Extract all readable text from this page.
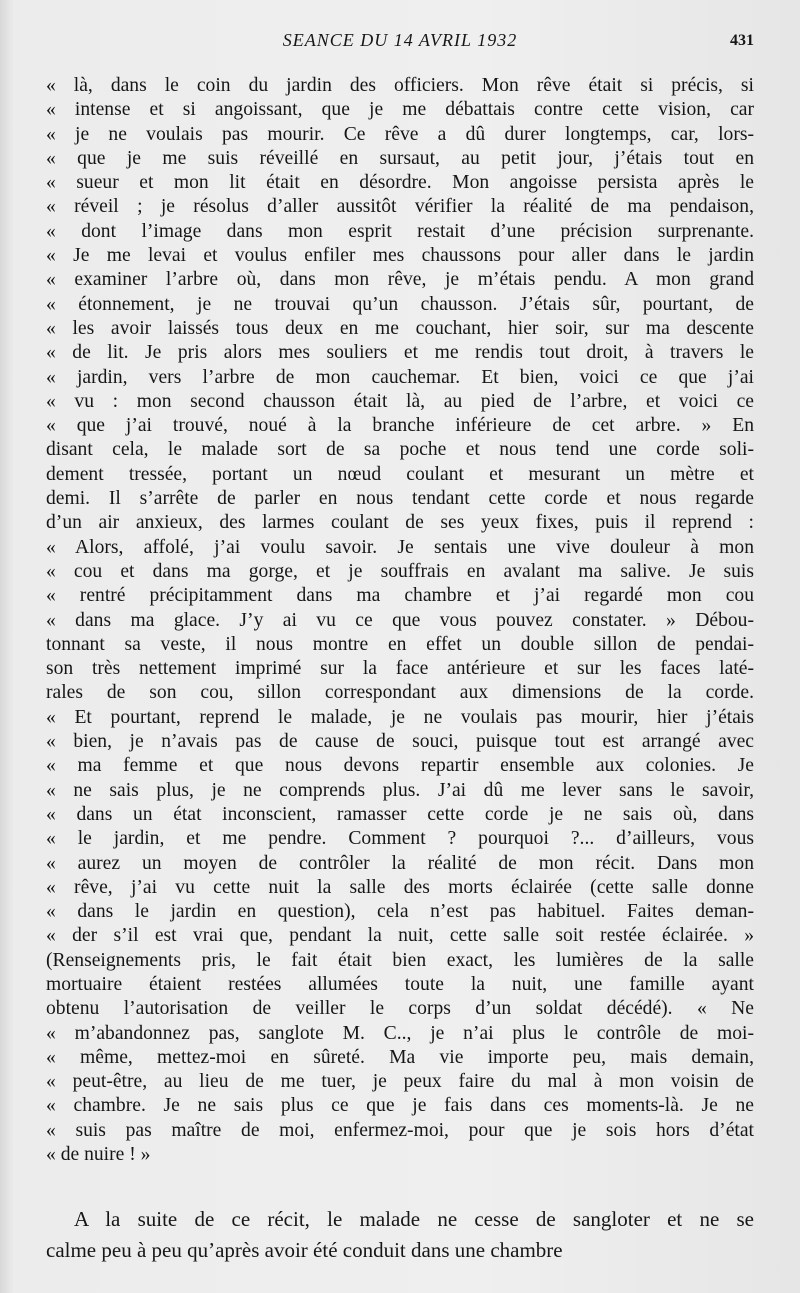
SEANCE DU 14 AVRIL 1932	431
« là, dans le coin du jardin des officiers. Mon rêve était si précis, si
« intense et si angoissant, que je me débattais contre cette vision, car
« je ne voulais pas mourir. Ce rêve a dû durer longtemps, car, lors-
« que je me suis réveillé en sursaut, au petit jour, j’étais tout en
« sueur et mon lit était en désordre. Mon angoisse persista après le
« réveil ; je résolus d’aller aussitôt vérifier la réalité de ma pendaison,
« dont l’image dans mon esprit restait d’une précision surprenante.
« Je me levai et voulus enfiler mes chaussons pour aller dans le jardin
« examiner l’arbre où, dans mon rêve, je m’étais pendu. A mon grand
« étonnement, je ne trouvai qu’un chausson. J’étais sûr, pourtant, de
« les avoir laissés tous deux en me couchant, hier soir, sur ma descente
« de lit. Je pris alors mes souliers et me rendis tout droit, à travers le
« jardin, vers l’arbre de mon cauchemar. Et bien, voici ce que j’ai
« vu : mon second chausson était là, au pied de l’arbre, et voici ce
« que j’ai trouvé, noué à la branche inférieure de cet arbre. » En
disant cela, le malade sort de sa poche et nous tend une corde soli-
dement tressée, portant un nœud coulant et mesurant un mètre et
demi. Il s’arrête de parler en nous tendant cette corde et nous regarde
d’un air anxieux, des larmes coulant de ses yeux fixes, puis il reprend :
« Alors, affolé, j’ai voulu savoir. Je sentais une vive douleur à mon
« cou et dans ma gorge, et je souffrais en avalant ma salive. Je suis
« rentré précipitamment dans ma chambre et j’ai regardé mon cou
« dans ma glace. J’y ai vu ce que vous pouvez constater. » Débou-
tonnant sa veste, il nous montre en effet un double sillon de pendai-
son très nettement imprimé sur la face antérieure et sur les faces laté-
rales de son cou, sillon correspondant aux dimensions de la corde.
« Et pourtant, reprend le malade, je ne voulais pas mourir, hier j’étais
« bien, je n’avais pas de cause de souci, puisque tout est arrangé avec
« ma femme et que nous devons repartir ensemble aux colonies. Je
« ne sais plus, je ne comprends plus. J’ai dû me lever sans le savoir,
« dans un état inconscient, ramasser cette corde je ne sais où, dans
« le jardin, et me pendre. Comment ? pourquoi ?... d’ailleurs, vous
« aurez un moyen de contrôler la réalité de mon récit. Dans mon
« rêve, j’ai vu cette nuit la salle des morts éclairée (cette salle donne
« dans le jardin en question), cela n’est pas habituel. Faites deman-
« der s’il est vrai que, pendant la nuit, cette salle soit restée éclairée. »
(Renseignements pris, le fait était bien exact, les lumières de la salle
mortuaire étaient restées allumées toute la nuit, une famille ayant
obtenu l’autorisation de veiller le corps d’un soldat décédé). « Ne
« m’abandonnez pas, sanglote M. C.., je n’ai plus le contrôle de moi-
« même, mettez-moi en sûreté. Ma vie importe peu, mais demain,
« peut-être, au lieu de me tuer, je peux faire du mal à mon voisin de
« chambre. Je ne sais plus ce que je fais dans ces moments-là. Je ne
« suis pas maître de moi, enfermez-moi, pour que je sois hors d’état
« de nuire ! »
A la suite de ce récit, le malade ne cesse de sangloter et ne se
calme peu à peu qu’après avoir été conduit dans une chambre
